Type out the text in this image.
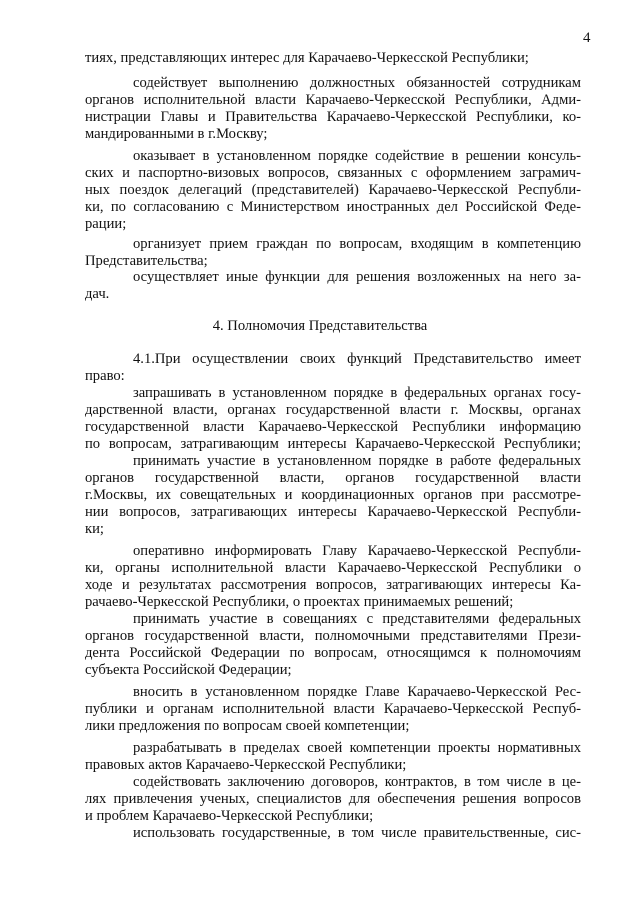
4
тиях, представляющих интерес для Карачаево-Черкесской Республики;
содействует выполнению должностных обязанностей сотрудникам
органов исполнительной власти Карачаево-Черкесской Республики, Адми-
нистрации Главы и Правительства Карачаево-Черкесской Республики, ко-
мандированными в г.Москву;
оказывает в установленном порядке содействие в решении консуль-
ских и паспортно-визовых вопросов, связанных с оформлением заграмич-
ных поездок делегаций (представителей) Карачаево-Черкесской Республи-
ки, по согласованию с Министерством иностранных дел Российской Феде-
рации;
организует прием граждан по вопросам, входящим в компетенцию
Представительства;
осуществляет иные функции для решения возложенных на него за-
дач.
4. Полномочия Представительства
4.1.При осуществлении своих функций Представительство имеет
право:
запрашивать в установленном порядке в федеральных органах госу-
дарственной власти, органах государственной власти г. Москвы, органах
государственной власти Карачаево-Черкесской Республики информацию
по вопросам, затрагивающим интересы Карачаево-Черкесской Республики;
принимать участие в установленном порядке в работе федеральных
органов государственной власти, органов государственной власти
г.Москвы, их совещательных и координационных органов при рассмотре-
нии вопросов, затрагивающих интересы Карачаево-Черкесской Республи-
ки;
оперативно информировать Главу Карачаево-Черкесской Республи-
ки, органы исполнительной власти Карачаево-Черкесской Республики о
ходе и результатах рассмотрения вопросов, затрагивающих интересы Ка-
рачаево-Черкесской Республики, о проектах принимаемых решений;
принимать участие в совещаниях с представителями федеральных
органов государственной власти, полномочными представителями Прези-
дента Российской Федерации по вопросам, относящимся к полномочиям
субъекта Российской Федерации;
вносить в установленном порядке Главе Карачаево-Черкесской Рес-
публики и органам исполнительной власти Карачаево-Черкесской Респуб-
лики предложения по вопросам своей компетенции;
разрабатывать в пределах своей компетенции проекты нормативных
правовых актов Карачаево-Черкесской Республики;
содействовать заключению договоров, контрактов, в том числе в це-
лях привлечения ученых, специалистов для обеспечения решения вопросов
и проблем Карачаево-Черкесской Республики;
использовать государственные, в том числе правительственные, сис-
